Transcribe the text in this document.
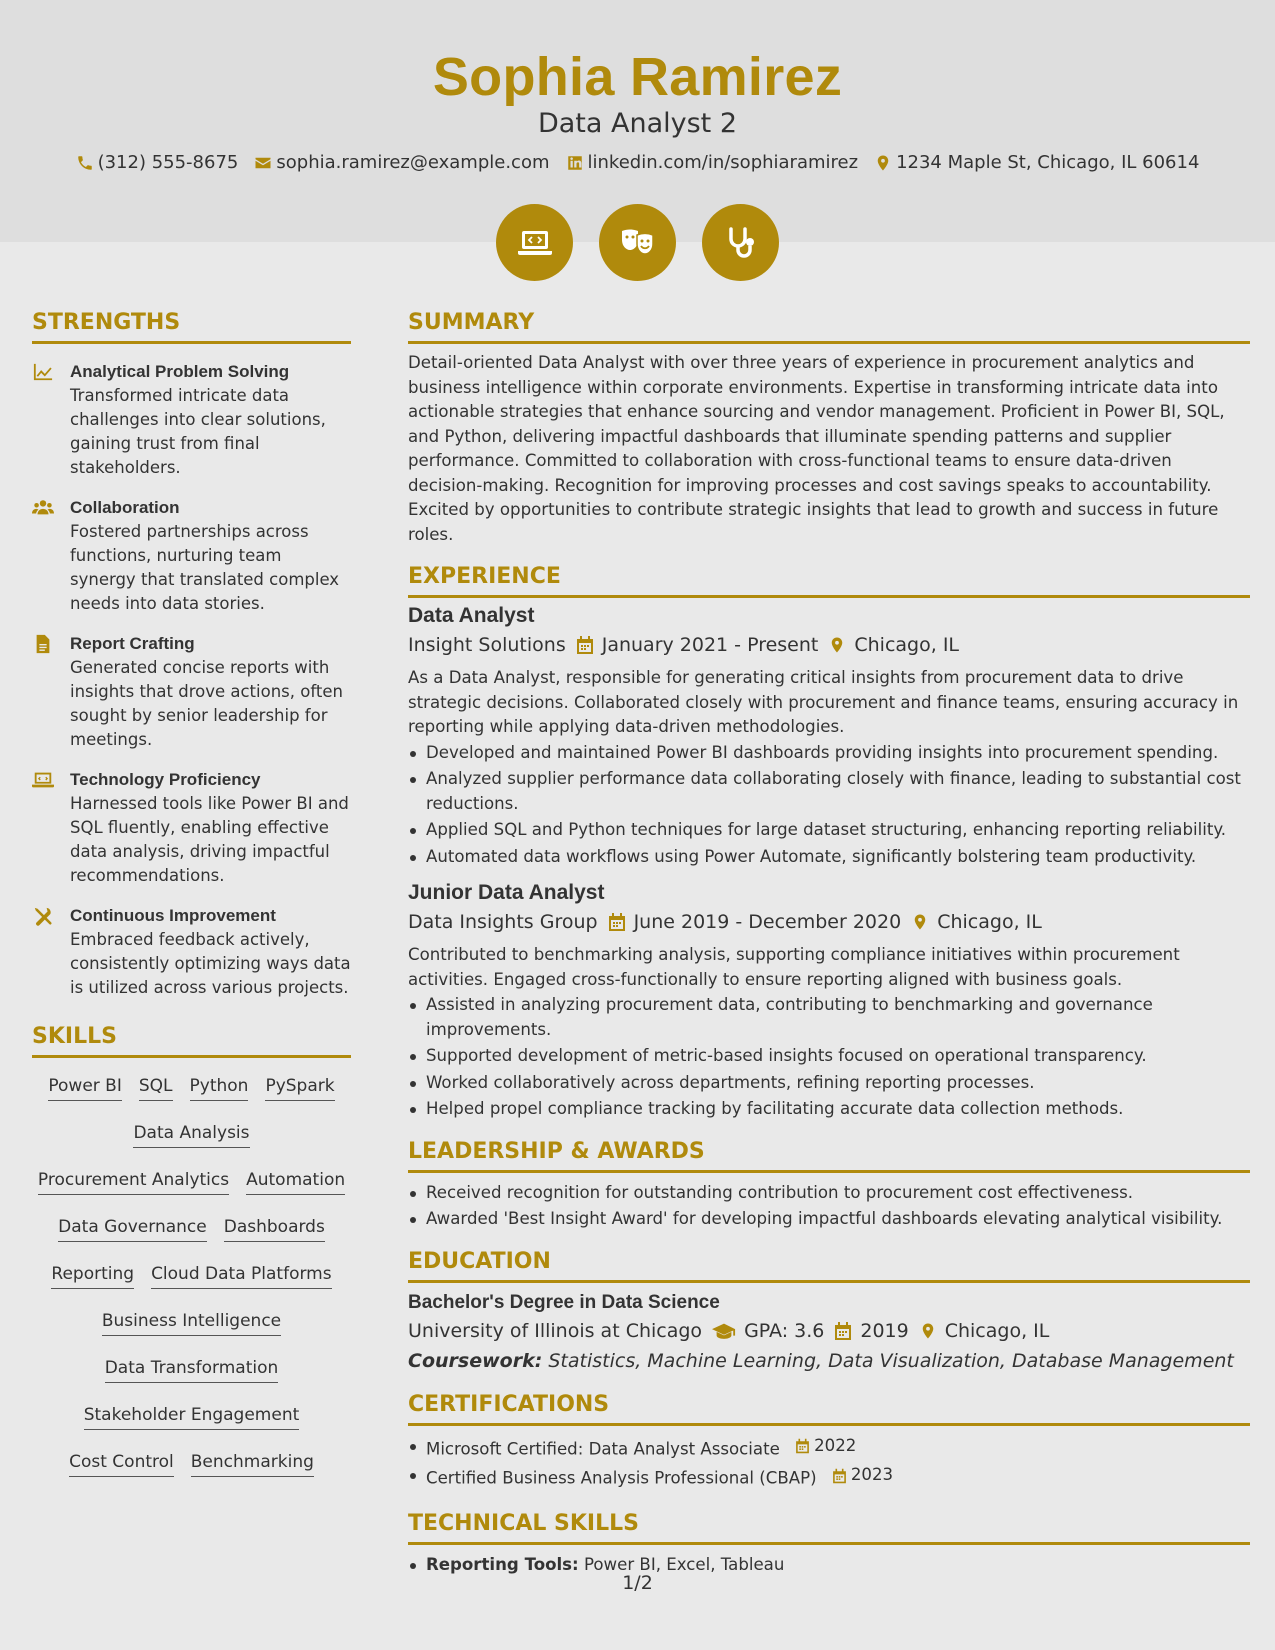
Sophia Ramirez
Data Analyst 2
(312) 555-8675 sophia.ramirez@example.com linkedin.com/in/sophiaramirez 1234 Maple St, Chicago, IL 60614
STRENGTHS
Analytical Problem Solving
Transformed intricate data challenges into clear solutions, gaining trust from final stakeholders.
Collaboration
Fostered partnerships across functions, nurturing team synergy that translated complex needs into data stories.
Report Crafting
Generated concise reports with insights that drove actions, often sought by senior leadership for meetings.
Technology Proficiency
Harnessed tools like Power BI and SQL fluently, enabling effective data analysis, driving impactful recommendations.
Continuous Improvement
Embraced feedback actively, consistently optimizing ways data is utilized across various projects.
SKILLS
Power BI SQL Python PySpark
Data Analysis
Procurement Analytics Automation
Data Governance Dashboards
Reporting Cloud Data Platforms
Business Intelligence
Data Transformation
Stakeholder Engagement
Cost Control Benchmarking
SUMMARY
Detail-oriented Data Analyst with over three years of experience in procurement analytics and business intelligence within corporate environments. Expertise in transforming intricate data into actionable strategies that enhance sourcing and vendor management. Proficient in Power BI, SQL, and Python, delivering impactful dashboards that illuminate spending patterns and supplier performance. Committed to collaboration with cross-functional teams to ensure data-driven decision-making. Recognition for improving processes and cost savings speaks to accountability. Excited by opportunities to contribute strategic insights that lead to growth and success in future roles.
EXPERIENCE
Data Analyst
Insight Solutions January 2021 - Present Chicago, IL
As a Data Analyst, responsible for generating critical insights from procurement data to drive strategic decisions. Collaborated closely with procurement and finance teams, ensuring accuracy in reporting while applying data-driven methodologies.
Developed and maintained Power BI dashboards providing insights into procurement spending.
Analyzed supplier performance data collaborating closely with finance, leading to substantial cost reductions.
Applied SQL and Python techniques for large dataset structuring, enhancing reporting reliability.
Automated data workflows using Power Automate, significantly bolstering team productivity.
Junior Data Analyst
Data Insights Group June 2019 - December 2020 Chicago, IL
Contributed to benchmarking analysis, supporting compliance initiatives within procurement activities. Engaged cross-functionally to ensure reporting aligned with business goals.
Assisted in analyzing procurement data, contributing to benchmarking and governance improvements.
Supported development of metric-based insights focused on operational transparency.
Worked collaboratively across departments, refining reporting processes.
Helped propel compliance tracking by facilitating accurate data collection methods.
LEADERSHIP & AWARDS
Received recognition for outstanding contribution to procurement cost effectiveness.
Awarded 'Best Insight Award' for developing impactful dashboards elevating analytical visibility.
EDUCATION
Bachelor's Degree in Data Science
University of Illinois at Chicago GPA: 3.6 2019 Chicago, IL
Coursework: Statistics, Machine Learning, Data Visualization, Database Management
CERTIFICATIONS
Microsoft Certified: Data Analyst Associate 2022
Certified Business Analysis Professional (CBAP) 2023
TECHNICAL SKILLS
Reporting Tools: Power BI, Excel, Tableau
1/2
